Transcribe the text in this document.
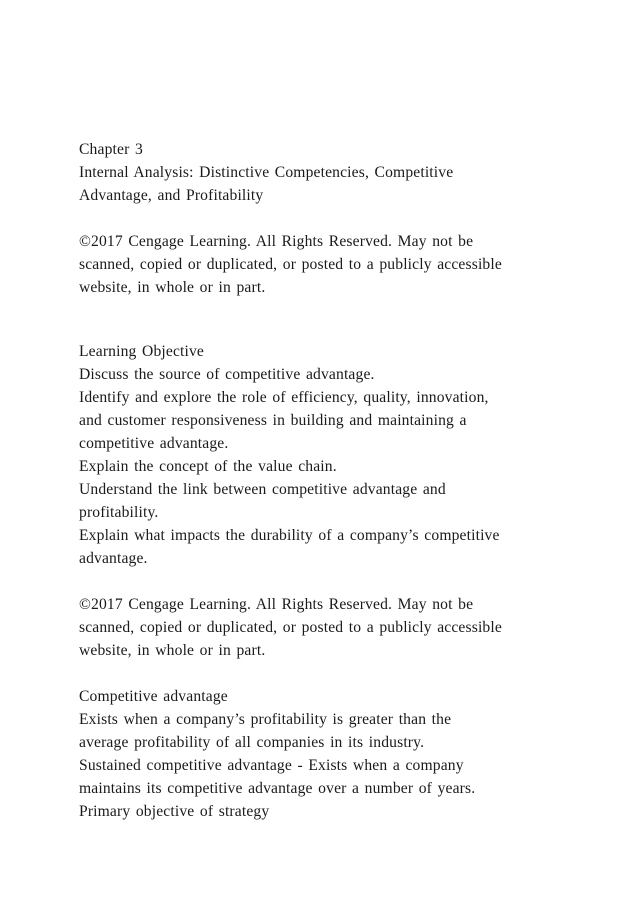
Chapter 3
Internal Analysis: Distinctive Competencies, Competitive
Advantage, and Profitability
©2017 Cengage Learning. All Rights Reserved. May not be
scanned, copied or duplicated, or posted to a publicly accessible
website, in whole or in part.
Learning Objective
Discuss the source of competitive advantage.
Identify and explore the role of efficiency, quality, innovation,
and customer responsiveness in building and maintaining a
competitive advantage.
Explain the concept of the value chain.
Understand the link between competitive advantage and
profitability.
Explain what impacts the durability of a company’s competitive
advantage.
©2017 Cengage Learning. All Rights Reserved. May not be
scanned, copied or duplicated, or posted to a publicly accessible
website, in whole or in part.
Competitive advantage
Exists when a company’s profitability is greater than the
average profitability of all companies in its industry.
Sustained competitive advantage - Exists when a company
maintains its competitive advantage over a number of years.
Primary objective of strategy
